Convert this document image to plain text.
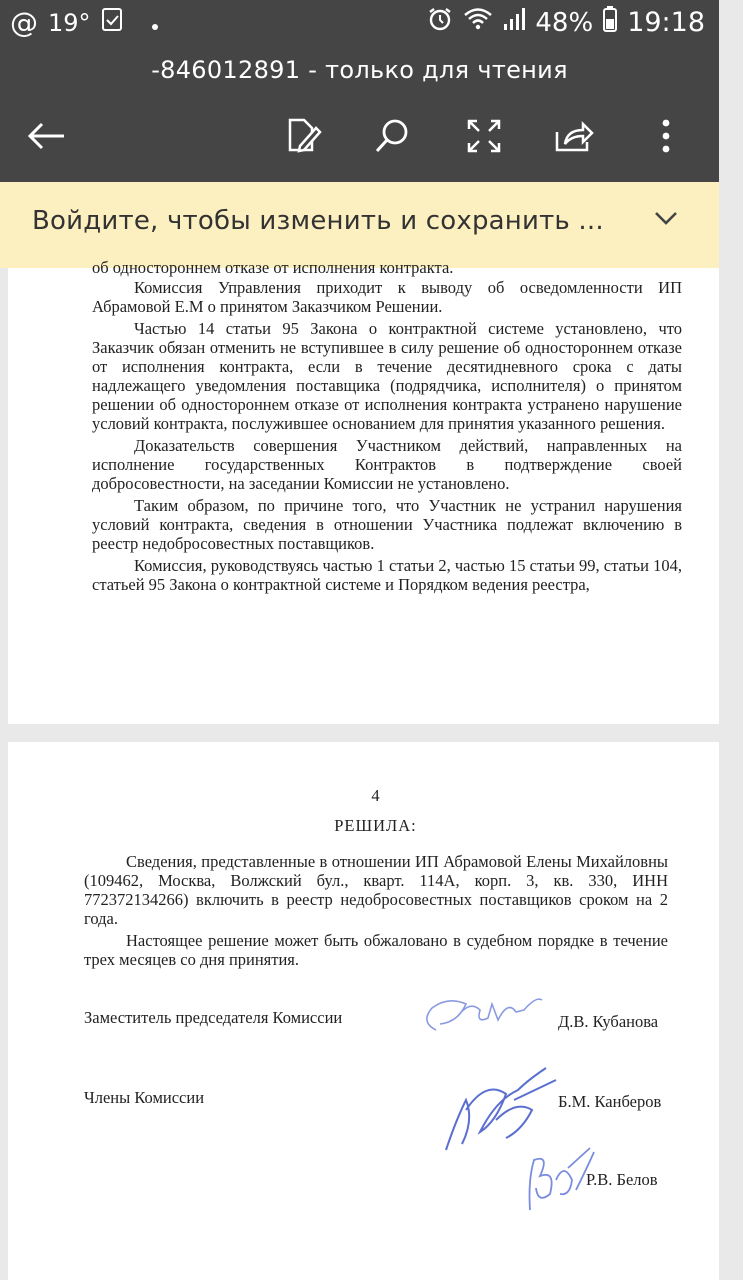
@ 19°	48% 19:18
-846012891 - только для чтения
Войдите, чтобы изменить и сохранить ...

об одностороннем отказе от исполнения контракта.

Комиссия Управления приходит к выводу об осведомленности ИП Абрамовой Е.М о принятом Заказчиком Решении.

Частью 14 статьи 95 Закона о контрактной системе установлено, что Заказчик обязан отменить не вступившее в силу решение об одностороннем отказе от исполнения контракта, если в течение десятидневного срока с даты надлежащего уведомления поставщика (подрядчика, исполнителя) о принятом решении об одностороннем отказе от исполнения контракта устранено нарушение условий контракта, послужившее основанием для принятия указанного решения.

Доказательств совершения Участником действий, направленных на исполнение государственных Контрактов в подтверждение своей добросовестности, на заседании Комиссии не установлено.

Таким образом, по причине того, что Участник не устранил нарушения условий контракта, сведения в отношении Участника подлежат включению в реестр недобросовестных поставщиков.

Комиссия, руководствуясь частью 1 статьи 2, частью 15 статьи 99, статьи 104, статьей 95 Закона о контрактной системе и Порядком ведения реестра,

4
РЕШИЛА:

Сведения, представленные в отношении ИП Абрамовой Елены Михайловны (109462, Москва, Волжский бул., кварт. 114А, корп. 3, кв. 330, ИНН 772372134266) включить в реестр недобросовестных поставщиков сроком на 2 года.

Настоящее решение может быть обжаловано в судебном порядке в течение трех месяцев со дня принятия.

Заместитель председателя Комиссии	Д.В. Кубанова
Члены Комиссии	Б.М. Канберов
Р.В. Белов
